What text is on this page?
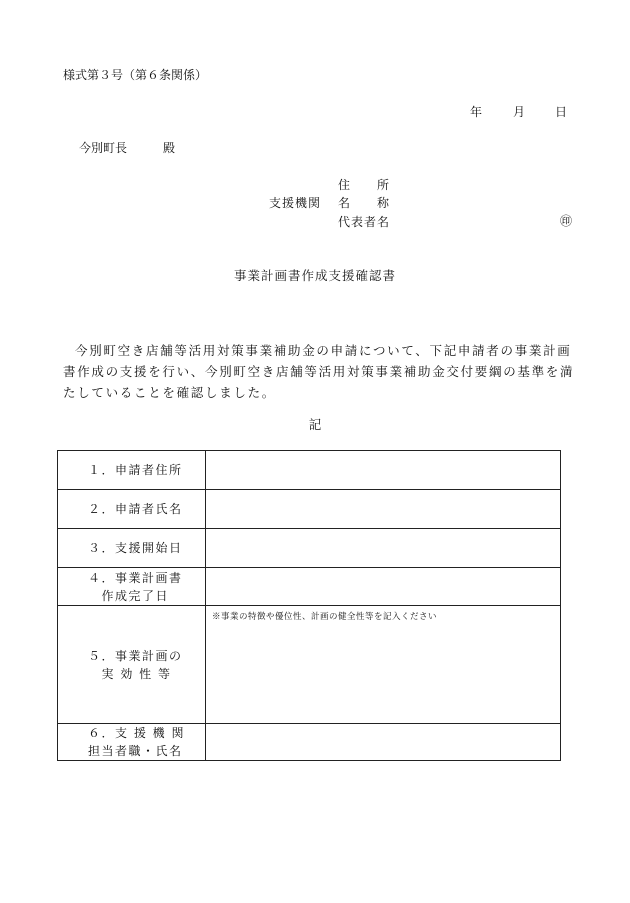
様式第３号（第６条関係）
年	月 日
今別町長　　　殿
住　　所
支援機関 名　　称
代表者名	㊞
事業計画書作成支援確認書
今別町空き店舗等活用対策事業補助金の申請について、下記申請者の事業計画書作成の支援を行い、今別町空き店舗等活用対策事業補助金交付要綱の基準を満たしていることを確認しました。
記
１．申請者住所	

２．申請者氏名	

３．支援開始日	

４．事業計画書
　作成完了日	

５．事業計画の
　実 効 性 等	※事業の特徴や優位性、計画の健全性等を記入ください

６．支 援 機 関
担当者職・氏名	
